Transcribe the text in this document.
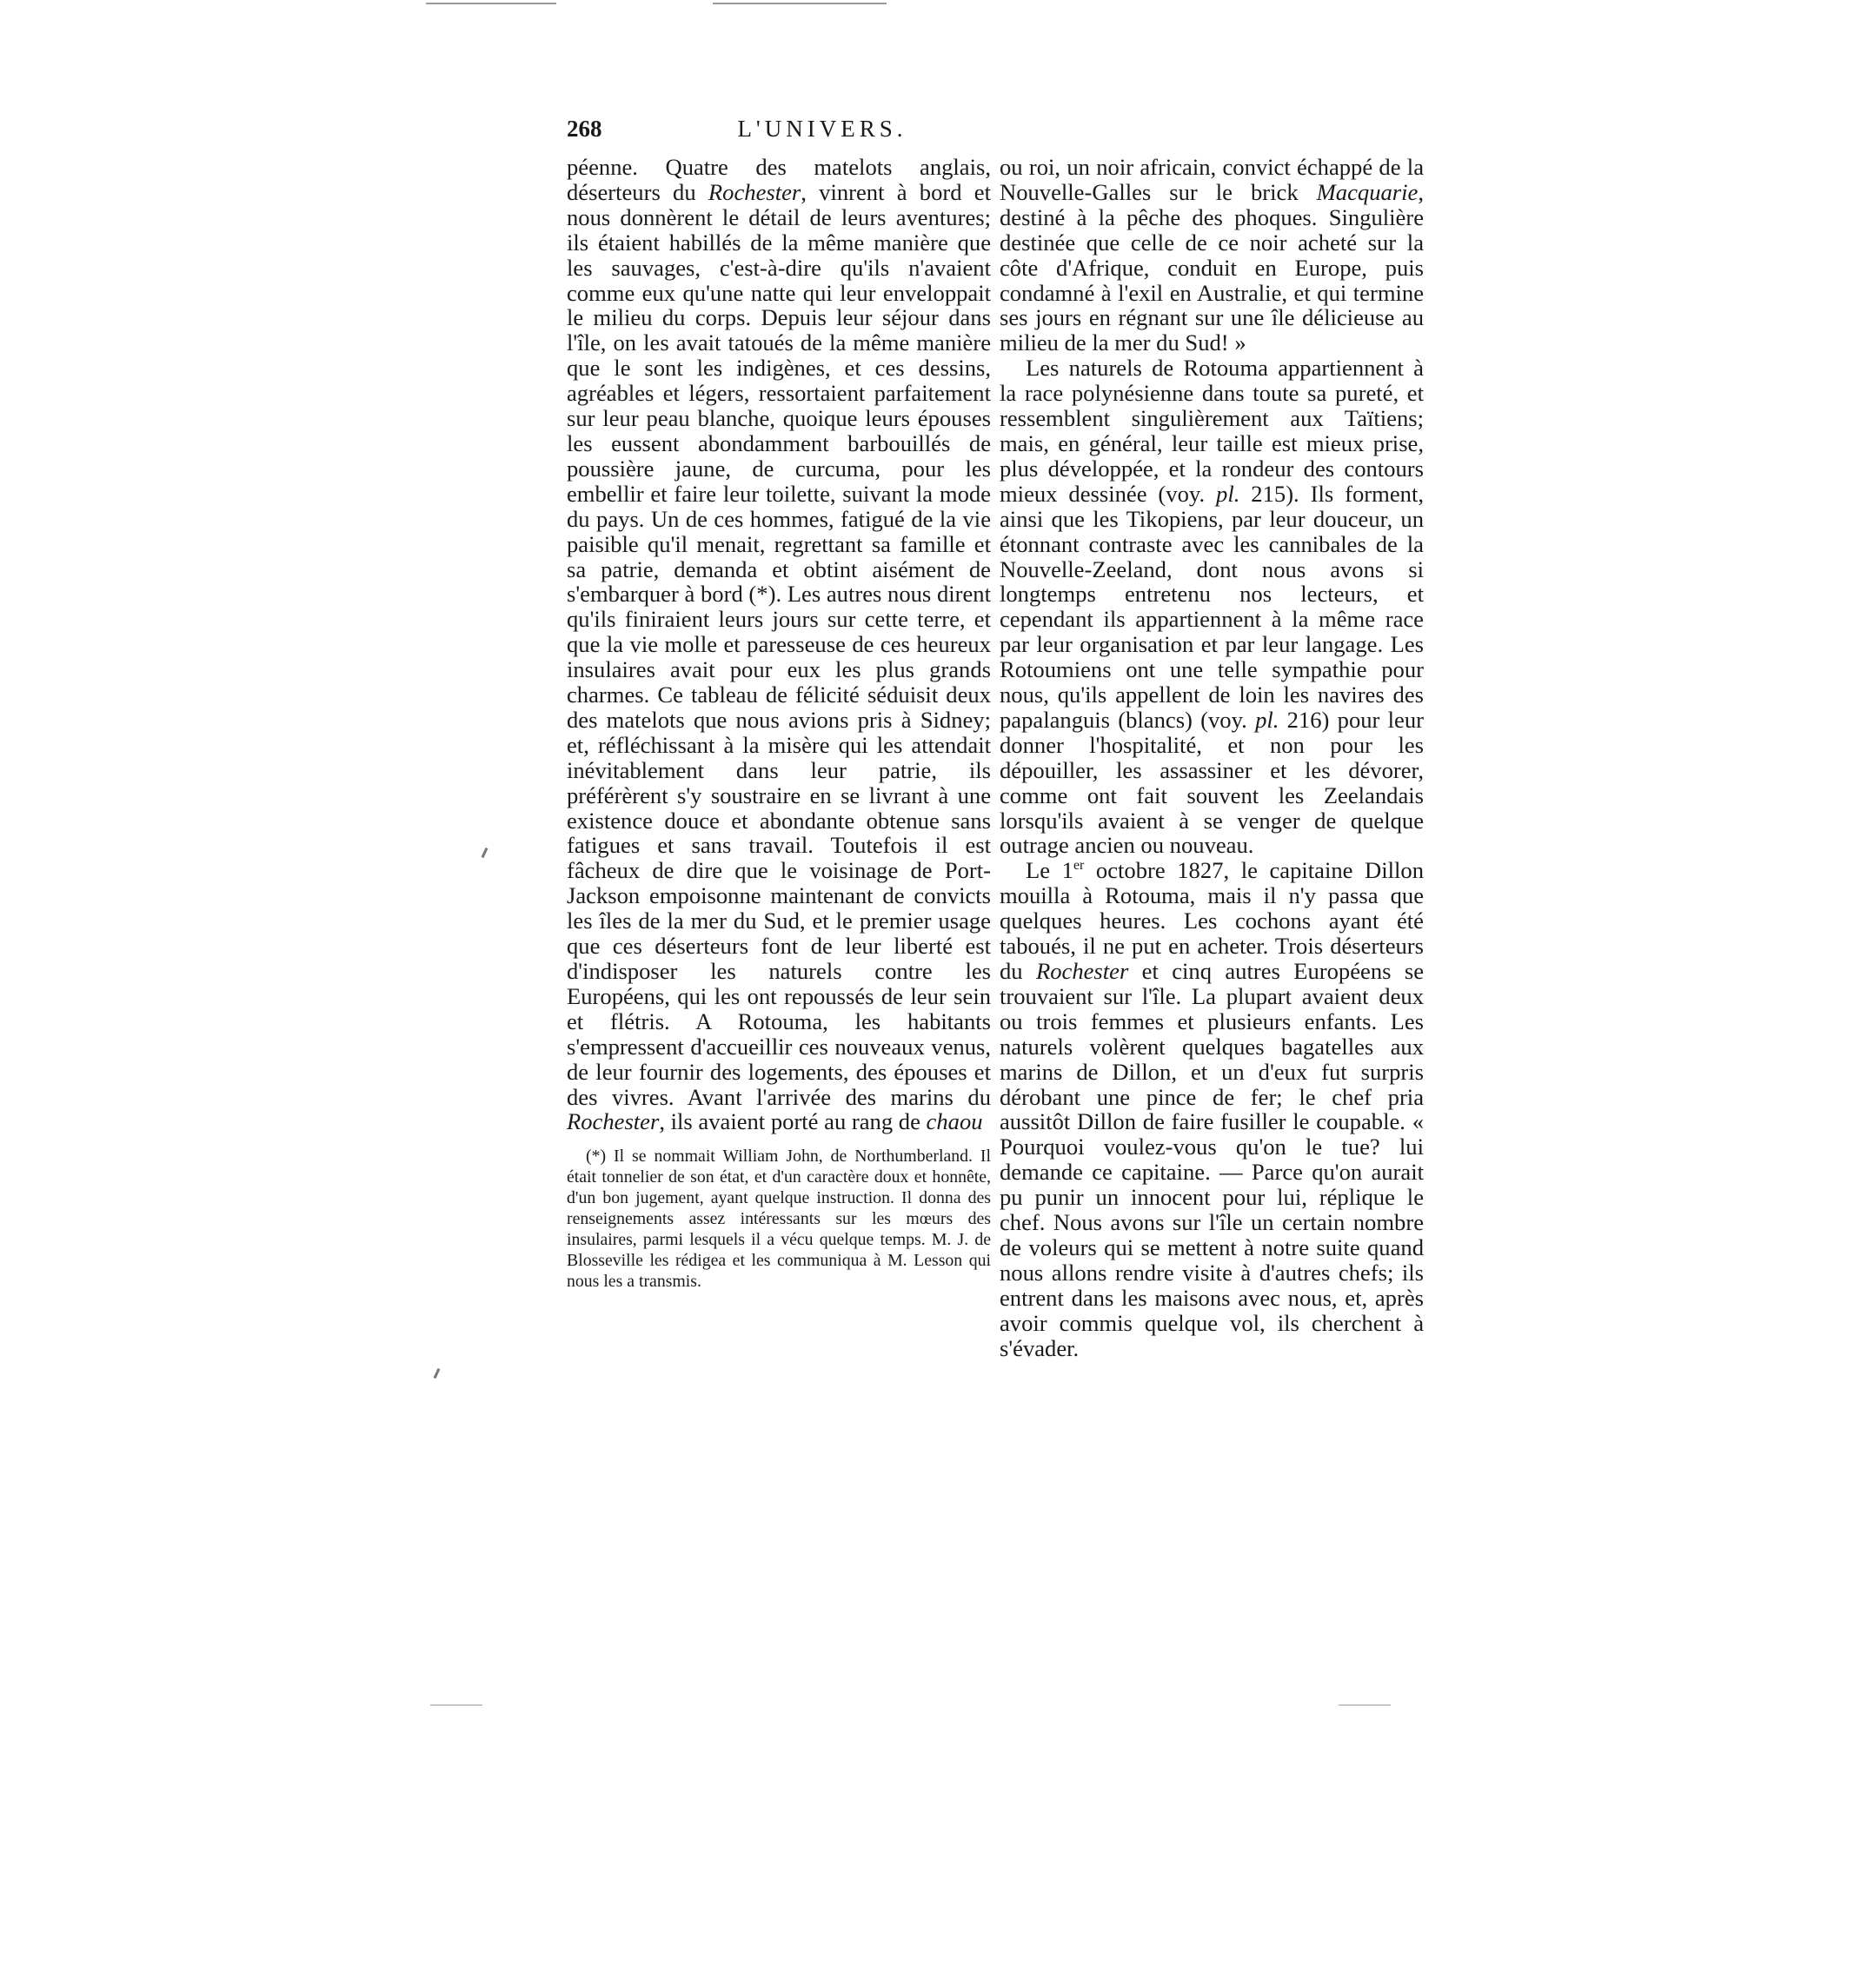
268	L'UNIVERS.

péenne. Quatre des matelots anglais, déserteurs du Rochester, vinrent à bord et nous donnèrent le détail de leurs aventures; ils étaient habillés de la même manière que les sauvages, c'est-à-dire qu'ils n'avaient comme eux qu'une natte qui leur enveloppait le milieu du corps. Depuis leur séjour dans l'île, on les avait tatoués de la même manière que le sont les indigènes, et ces dessins, agréables et légers, ressortaient parfaitement sur leur peau blanche, quoique leurs épouses les eussent abondamment barbouillés de poussière jaune, de curcuma, pour les embellir et faire leur toilette, suivant la mode du pays. Un de ces hommes, fatigué de la vie paisible qu'il menait, regrettant sa famille et sa patrie, demanda et obtint aisément de s'embarquer à bord (*). Les autres nous dirent qu'ils finiraient leurs jours sur cette terre, et que la vie molle et paresseuse de ces heureux insulaires avait pour eux les plus grands charmes. Ce tableau de félicité séduisit deux des matelots que nous avions pris à Sidney; et, réfléchissant à la misère qui les attendait inévitablement dans leur patrie, ils préférèrent s'y soustraire en se livrant à une existence douce et abondante obtenue sans fatigues et sans travail. Toutefois il est fâcheux de dire que le voisinage de Port-Jackson empoisonne maintenant de convicts les îles de la mer du Sud, et le premier usage que ces déserteurs font de leur liberté est d'indisposer les naturels contre les Européens, qui les ont repoussés de leur sein et flétris. A Rotouma, les habitants s'empressent d'accueillir ces nouveaux venus, de leur fournir des logements, des épouses et des vivres. Avant l'arrivée des marins du Rochester, ils avaient porté au rang de chaou

(*) Il se nommait William John, de Northumberland. Il était tonnelier de son état, et d'un caractère doux et honnête, d'un bon jugement, ayant quelque instruction. Il donna des renseignements assez intéressants sur les mœurs des insulaires, parmi lesquels il a vécu quelque temps. M. J. de Blosseville les rédigea et les communiqua à M. Lesson qui nous les a transmis.

ou roi, un noir africain, convict échappé de la Nouvelle-Galles sur le brick Macquarie, destiné à la pêche des phoques. Singulière destinée que celle de ce noir acheté sur la côte d'Afrique, conduit en Europe, puis condamné à l'exil en Australie, et qui termine ses jours en régnant sur une île délicieuse au milieu de la mer du Sud! »

Les naturels de Rotouma appartiennent à la race polynésienne dans toute sa pureté, et ressemblent singulièrement aux Taïtiens; mais, en général, leur taille est mieux prise, plus développée, et la rondeur des contours mieux dessinée (voy. pl. 215). Ils forment, ainsi que les Tikopiens, par leur douceur, un étonnant contraste avec les cannibales de la Nouvelle-Zeeland, dont nous avons si longtemps entretenu nos lecteurs, et cependant ils appartiennent à la même race par leur organisation et par leur langage. Les Rotoumiens ont une telle sympathie pour nous, qu'ils appellent de loin les navires des papalanguis (blancs) (voy. pl. 216) pour leur donner l'hospitalité, et non pour les dépouiller, les assassiner et les dévorer, comme ont fait souvent les Zeelandais lorsqu'ils avaient à se venger de quelque outrage ancien ou nouveau.

Le 1er octobre 1827, le capitaine Dillon mouilla à Rotouma, mais il n'y passa que quelques heures. Les cochons ayant été taboués, il ne put en acheter. Trois déserteurs du Rochester et cinq autres Européens se trouvaient sur l'île. La plupart avaient deux ou trois femmes et plusieurs enfants. Les naturels volèrent quelques bagatelles aux marins de Dillon, et un d'eux fut surpris dérobant une pince de fer; le chef pria aussitôt Dillon de faire fusiller le coupable. « Pourquoi voulez-vous qu'on le tue? lui demande ce capitaine. — Parce qu'on aurait pu punir un innocent pour lui, réplique le chef. Nous avons sur l'île un certain nombre de voleurs qui se mettent à notre suite quand nous allons rendre visite à d'autres chefs; ils entrent dans les maisons avec nous, et, après avoir commis quelque vol, ils cherchent à s'évader.
